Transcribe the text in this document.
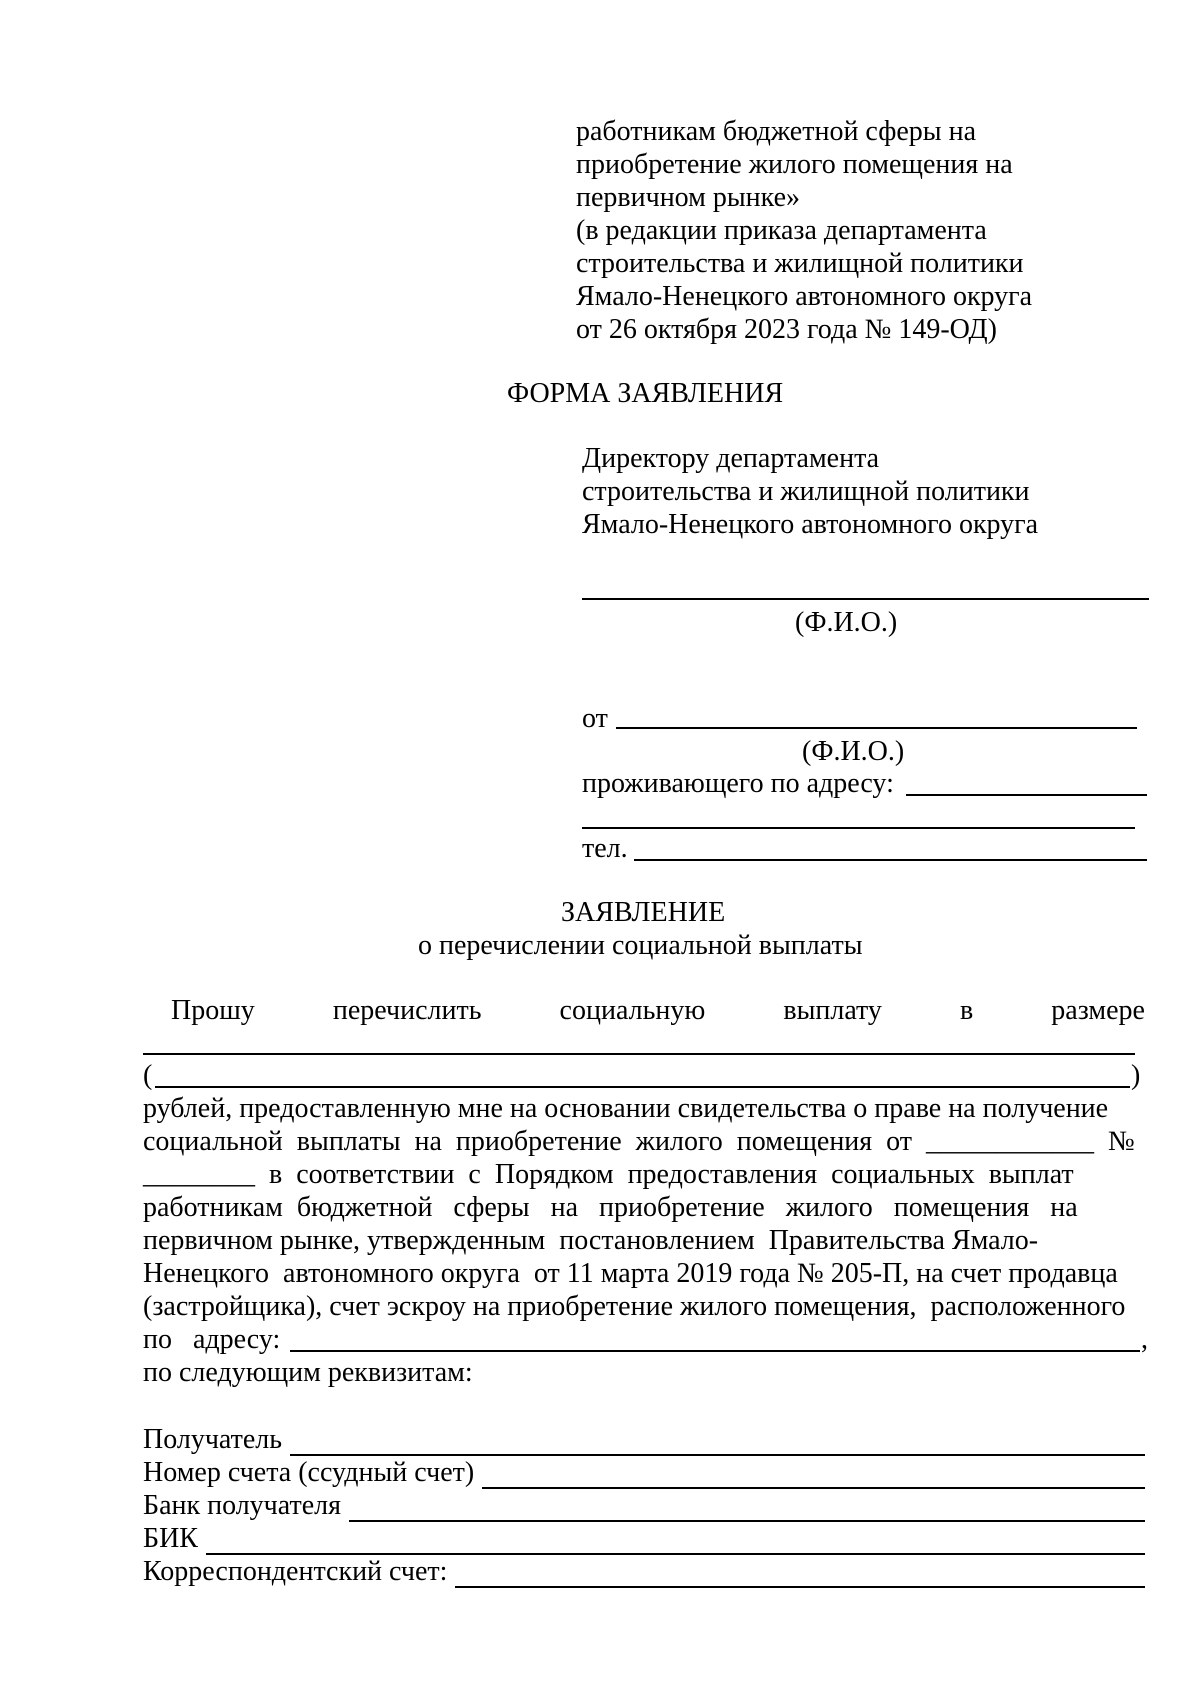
работникам бюджетной сферы на
приобретение жилого помещения на
первичном рынке»
(в редакции приказа департамента
строительства и жилищной политики
Ямало-Ненецкого автономного округа
от 26 октября 2023 года № 149-ОД)
ФОРМА ЗАЯВЛЕНИЯ
Директору департамента
строительства и жилищной политики
Ямало-Ненецкого автономного округа
(Ф.И.О.)
от
(Ф.И.О.)
проживающего по адресу:
тел.
ЗАЯВЛЕНИЕ
о перечислении социальной выплаты
Прошу	перечислить	социальную	выплату	в	размере
(	)
рублей, предоставленную мне на основании свидетельства о праве на получение
социальной  выплаты  на  приобретение  жилого  помещения  от  ____________  №
________  в  соответствии  с  Порядком  предоставления  социальных  выплат
работникам  бюджетной   сферы   на   приобретение   жилого   помещения   на
первичном рынке, утвержденным  постановлением  Правительства Ямало-
Ненецкого  автономного округа  от 11 марта 2019 года № 205-П, на счет продавца
(застройщика), счет эскроу на приобретение жилого помещения,  расположенного
по   адресу:	,
по следующим реквизитам:
Получатель
Номер счета (ссудный счет)
Банк получателя
БИК
Корреспондентский счет:
